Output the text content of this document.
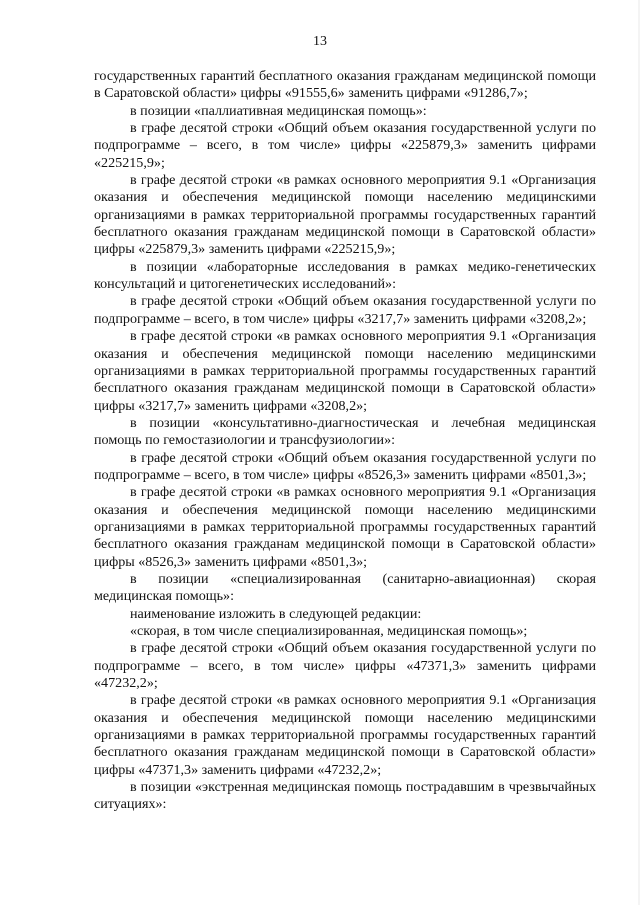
13

государственных гарантий бесплатного оказания гражданам медицинской помощи в Саратовской области» цифры «91555,6» заменить цифрами «91286,7»;

в позиции «паллиативная медицинская помощь»:

в графе десятой строки «Общий объем оказания государственной услуги по подпрограмме – всего, в том числе» цифры «225879,3» заменить цифрами «225215,9»;

в графе десятой строки «в рамках основного мероприятия 9.1 «Организация оказания и обеспечения медицинской помощи населению медицинскими организациями в рамках территориальной программы государственных гарантий бесплатного оказания гражданам медицинской помощи в Саратовской области» цифры «225879,3» заменить цифрами «225215,9»;

в позиции «лабораторные исследования в рамках медико-генетических консультаций и цитогенетических исследований»:

в графе десятой строки «Общий объем оказания государственной услуги по подпрограмме – всего, в том числе» цифры «3217,7» заменить цифрами «3208,2»;

в графе десятой строки «в рамках основного мероприятия 9.1 «Организация оказания и обеспечения медицинской помощи населению медицинскими организациями в рамках территориальной программы государственных гарантий бесплатного оказания гражданам медицинской помощи в Саратовской области» цифры «3217,7» заменить цифрами «3208,2»;

в позиции «консультативно-диагностическая и лечебная медицинская помощь по гемостазиологии и трансфузиологии»:

в графе десятой строки «Общий объем оказания государственной услуги по подпрограмме – всего, в том числе» цифры «8526,3» заменить цифрами «8501,3»;

в графе десятой строки «в рамках основного мероприятия 9.1 «Организация оказания и обеспечения медицинской помощи населению медицинскими организациями в рамках территориальной программы государственных гарантий бесплатного оказания гражданам медицинской помощи в Саратовской области» цифры «8526,3» заменить цифрами «8501,3»;

в позиции «специализированная (санитарно-авиационная) скорая медицинская помощь»:

наименование изложить в следующей редакции:

«скорая, в том числе специализированная, медицинская помощь»;

в графе десятой строки «Общий объем оказания государственной услуги по подпрограмме – всего, в том числе» цифры «47371,3» заменить цифрами «47232,2»;

в графе десятой строки «в рамках основного мероприятия 9.1 «Организация оказания и обеспечения медицинской помощи населению медицинскими организациями в рамках территориальной программы государственных гарантий бесплатного оказания гражданам медицинской помощи в Саратовской области» цифры «47371,3» заменить цифрами «47232,2»;

в позиции «экстренная медицинская помощь пострадавшим в чрезвычайных ситуациях»:
